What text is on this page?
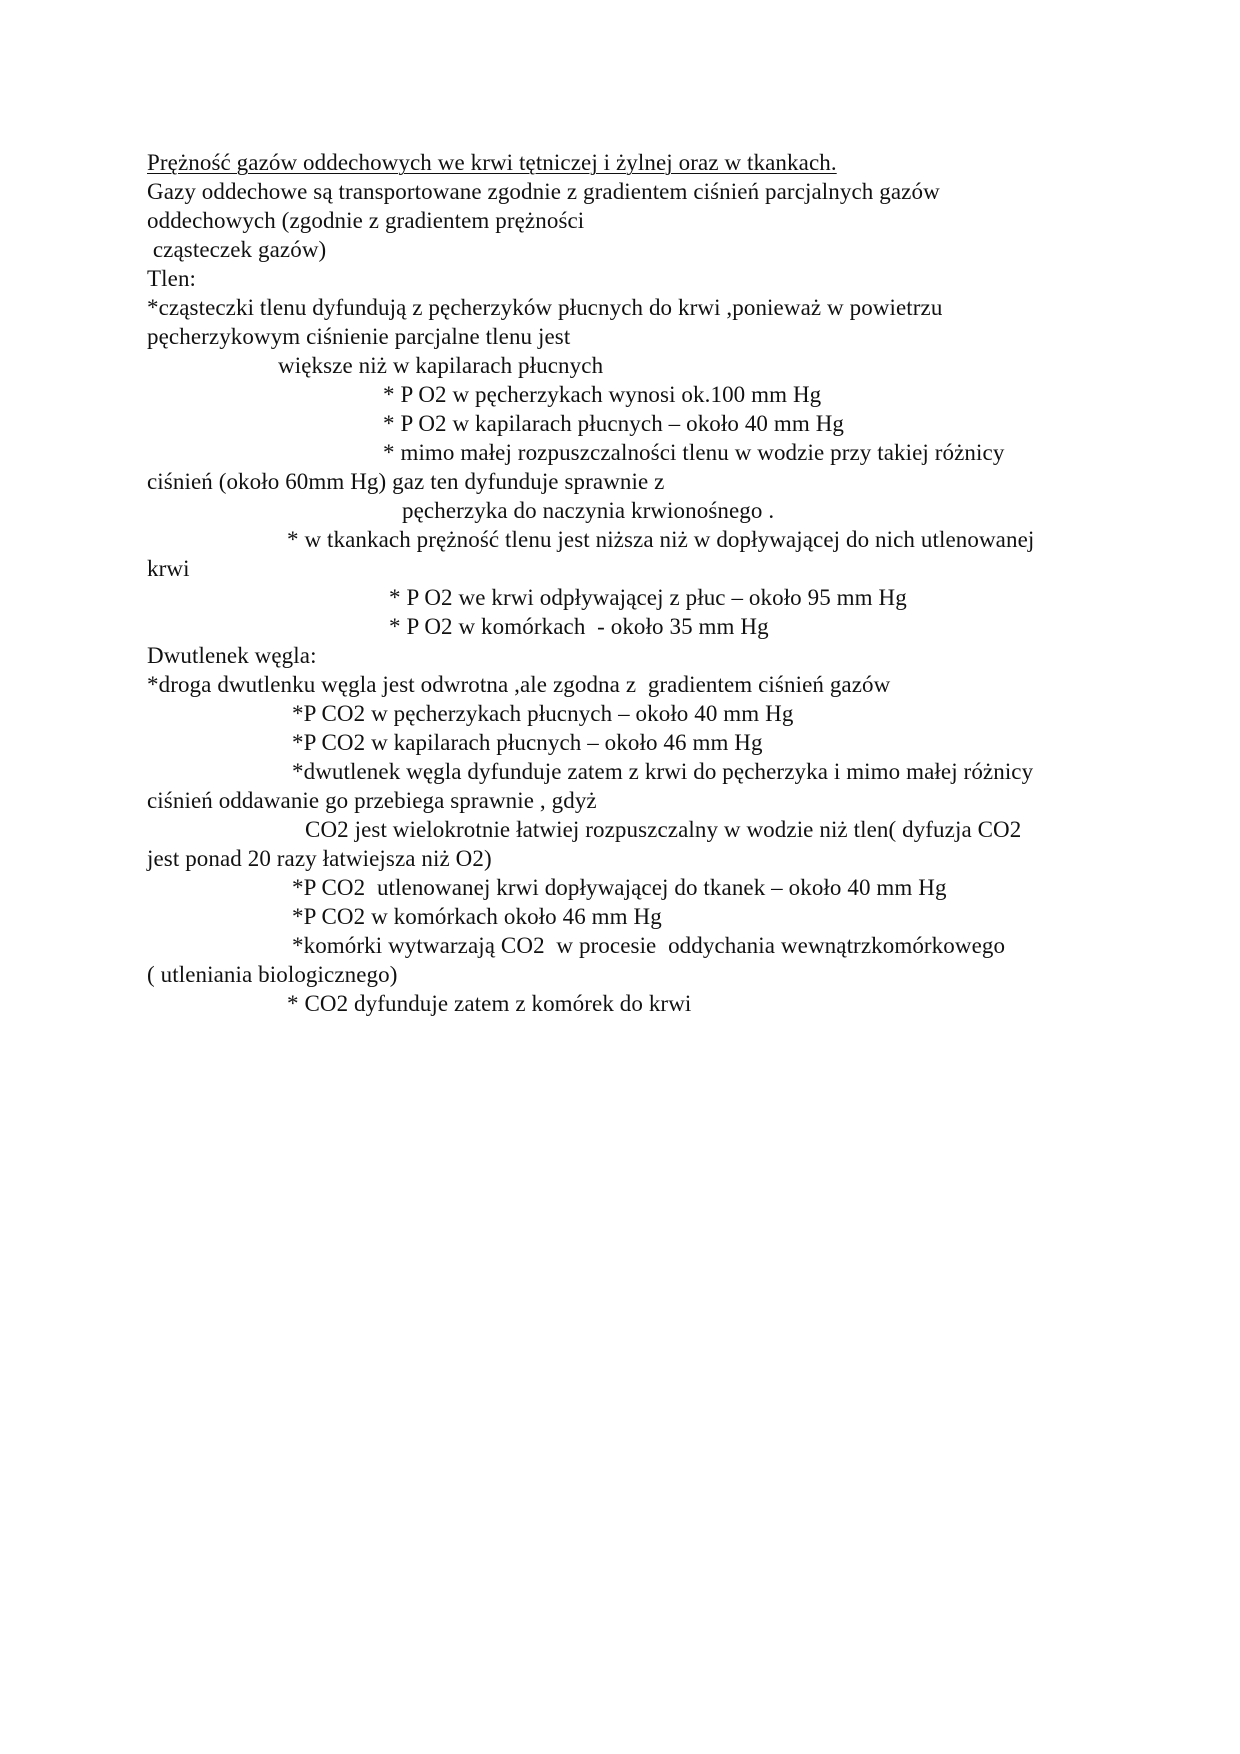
Prężność gazów oddechowych we krwi tętniczej i żylnej oraz w tkankach.
Gazy oddechowe są transportowane zgodnie z gradientem ciśnień parcjalnych gazów
oddechowych (zgodnie z gradientem prężności
cząsteczek gazów)
Tlen:
*cząsteczki tlenu dyfundują z pęcherzyków płucnych do krwi ,ponieważ w powietrzu
pęcherzykowym ciśnienie parcjalne tlenu jest
większe niż w kapilarach płucnych
* P O2 w pęcherzykach wynosi ok.100 mm Hg
* P O2 w kapilarach płucnych – około 40 mm Hg
* mimo małej rozpuszczalności tlenu w wodzie przy takiej różnicy
ciśnień (około 60mm Hg) gaz ten dyfunduje sprawnie z
pęcherzyka do naczynia krwionośnego .
* w tkankach prężność tlenu jest niższa niż w dopływającej do nich utlenowanej
krwi
* P O2 we krwi odpływającej z płuc – około 95 mm Hg
* P O2 w komórkach  - około 35 mm Hg
Dwutlenek węgla:
*droga dwutlenku węgla jest odwrotna ,ale zgodna z  gradientem ciśnień gazów
*P CO2 w pęcherzykach płucnych – około 40 mm Hg
*P CO2 w kapilarach płucnych – około 46 mm Hg
*dwutlenek węgla dyfunduje zatem z krwi do pęcherzyka i mimo małej różnicy
ciśnień oddawanie go przebiega sprawnie , gdyż
CO2 jest wielokrotnie łatwiej rozpuszczalny w wodzie niż tlen( dyfuzja CO2
jest ponad 20 razy łatwiejsza niż O2)
*P CO2  utlenowanej krwi dopływającej do tkanek – około 40 mm Hg
*P CO2 w komórkach około 46 mm Hg
*komórki wytwarzają CO2  w procesie  oddychania wewnątrzkomórkowego
( utleniania biologicznego)
* CO2 dyfunduje zatem z komórek do krwi
